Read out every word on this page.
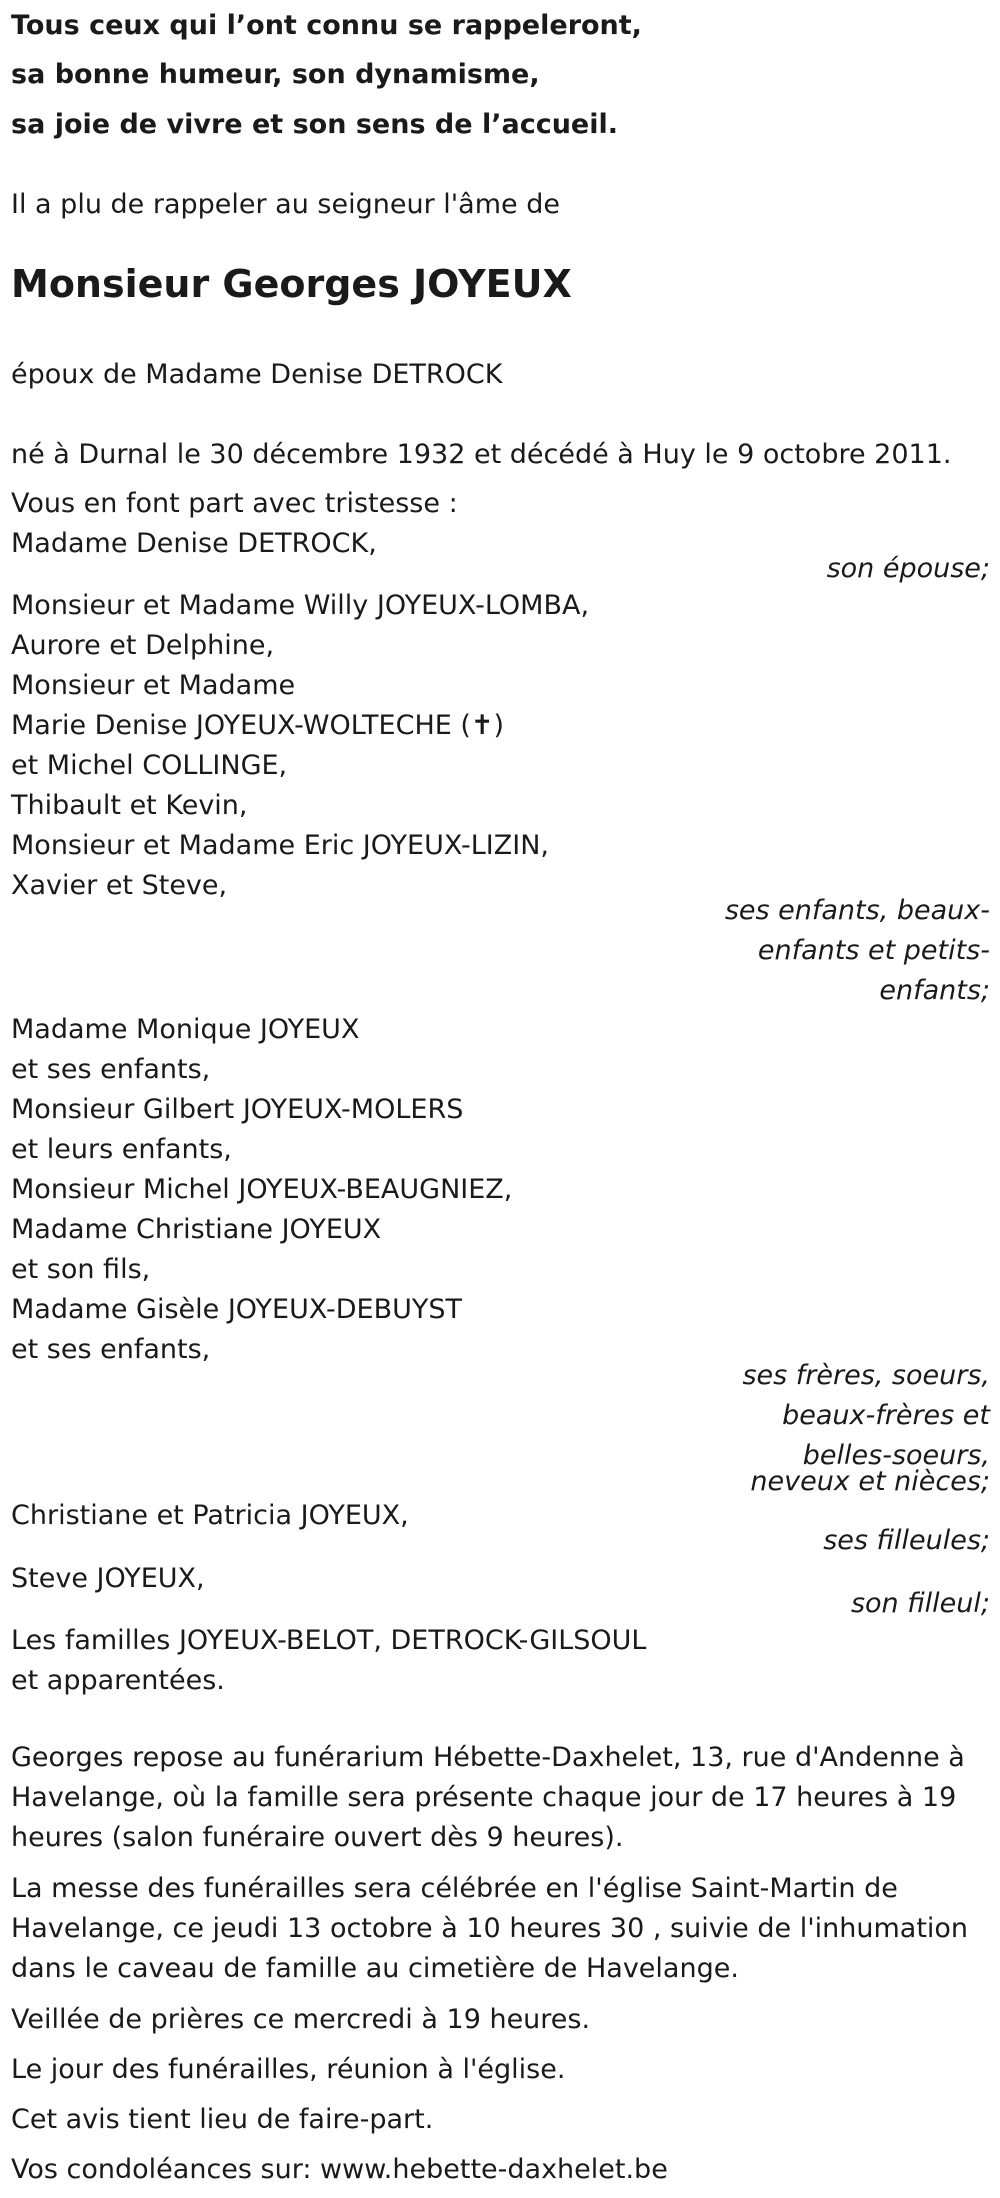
Tous ceux qui l’ont connu se rappeleront,
sa bonne humeur, son dynamisme,
sa joie de vivre et son sens de l’accueil.
Il a plu de rappeler au seigneur l'âme de
Monsieur Georges JOYEUX
époux de Madame Denise DETROCK
né à Durnal le 30 décembre 1932 et décédé à Huy le 9 octobre 2011.
Vous en font part avec tristesse :
Madame Denise DETROCK,
son épouse;
Monsieur et Madame Willy JOYEUX-LOMBA,
Aurore et Delphine,
Monsieur et Madame
Marie Denise JOYEUX-WOLTECHE (✝)
et Michel COLLINGE,
Thibault et Kevin,
Monsieur et Madame Eric JOYEUX-LIZIN,
Xavier et Steve,
ses enfants, beaux-
enfants et petits-
enfants;
Madame Monique JOYEUX
et ses enfants,
Monsieur Gilbert JOYEUX-MOLERS
et leurs enfants,
Monsieur Michel JOYEUX-BEAUGNIEZ,
Madame Christiane JOYEUX
et son fils,
Madame Gisèle JOYEUX-DEBUYST
et ses enfants,
ses frères, soeurs,
beaux-frères et
belles-soeurs,
neveux et nièces;
Christiane et Patricia JOYEUX,
ses filleules;
Steve JOYEUX,
son filleul;
Les familles JOYEUX-BELOT, DETROCK-GILSOUL
et apparentées.
Georges repose au funérarium Hébette-Daxhelet, 13, rue d'Andenne à
Havelange, où la famille sera présente chaque jour de 17 heures à 19
heures (salon funéraire ouvert dès 9 heures).
La messe des funérailles sera célébrée en l'église Saint-Martin de
Havelange, ce jeudi 13 octobre à 10 heures 30 , suivie de l'inhumation
dans le caveau de famille au cimetière de Havelange.
Veillée de prières ce mercredi à 19 heures.
Le jour des funérailles, réunion à l'église.
Cet avis tient lieu de faire-part.
Vos condoléances sur: www.hebette-daxhelet.be
